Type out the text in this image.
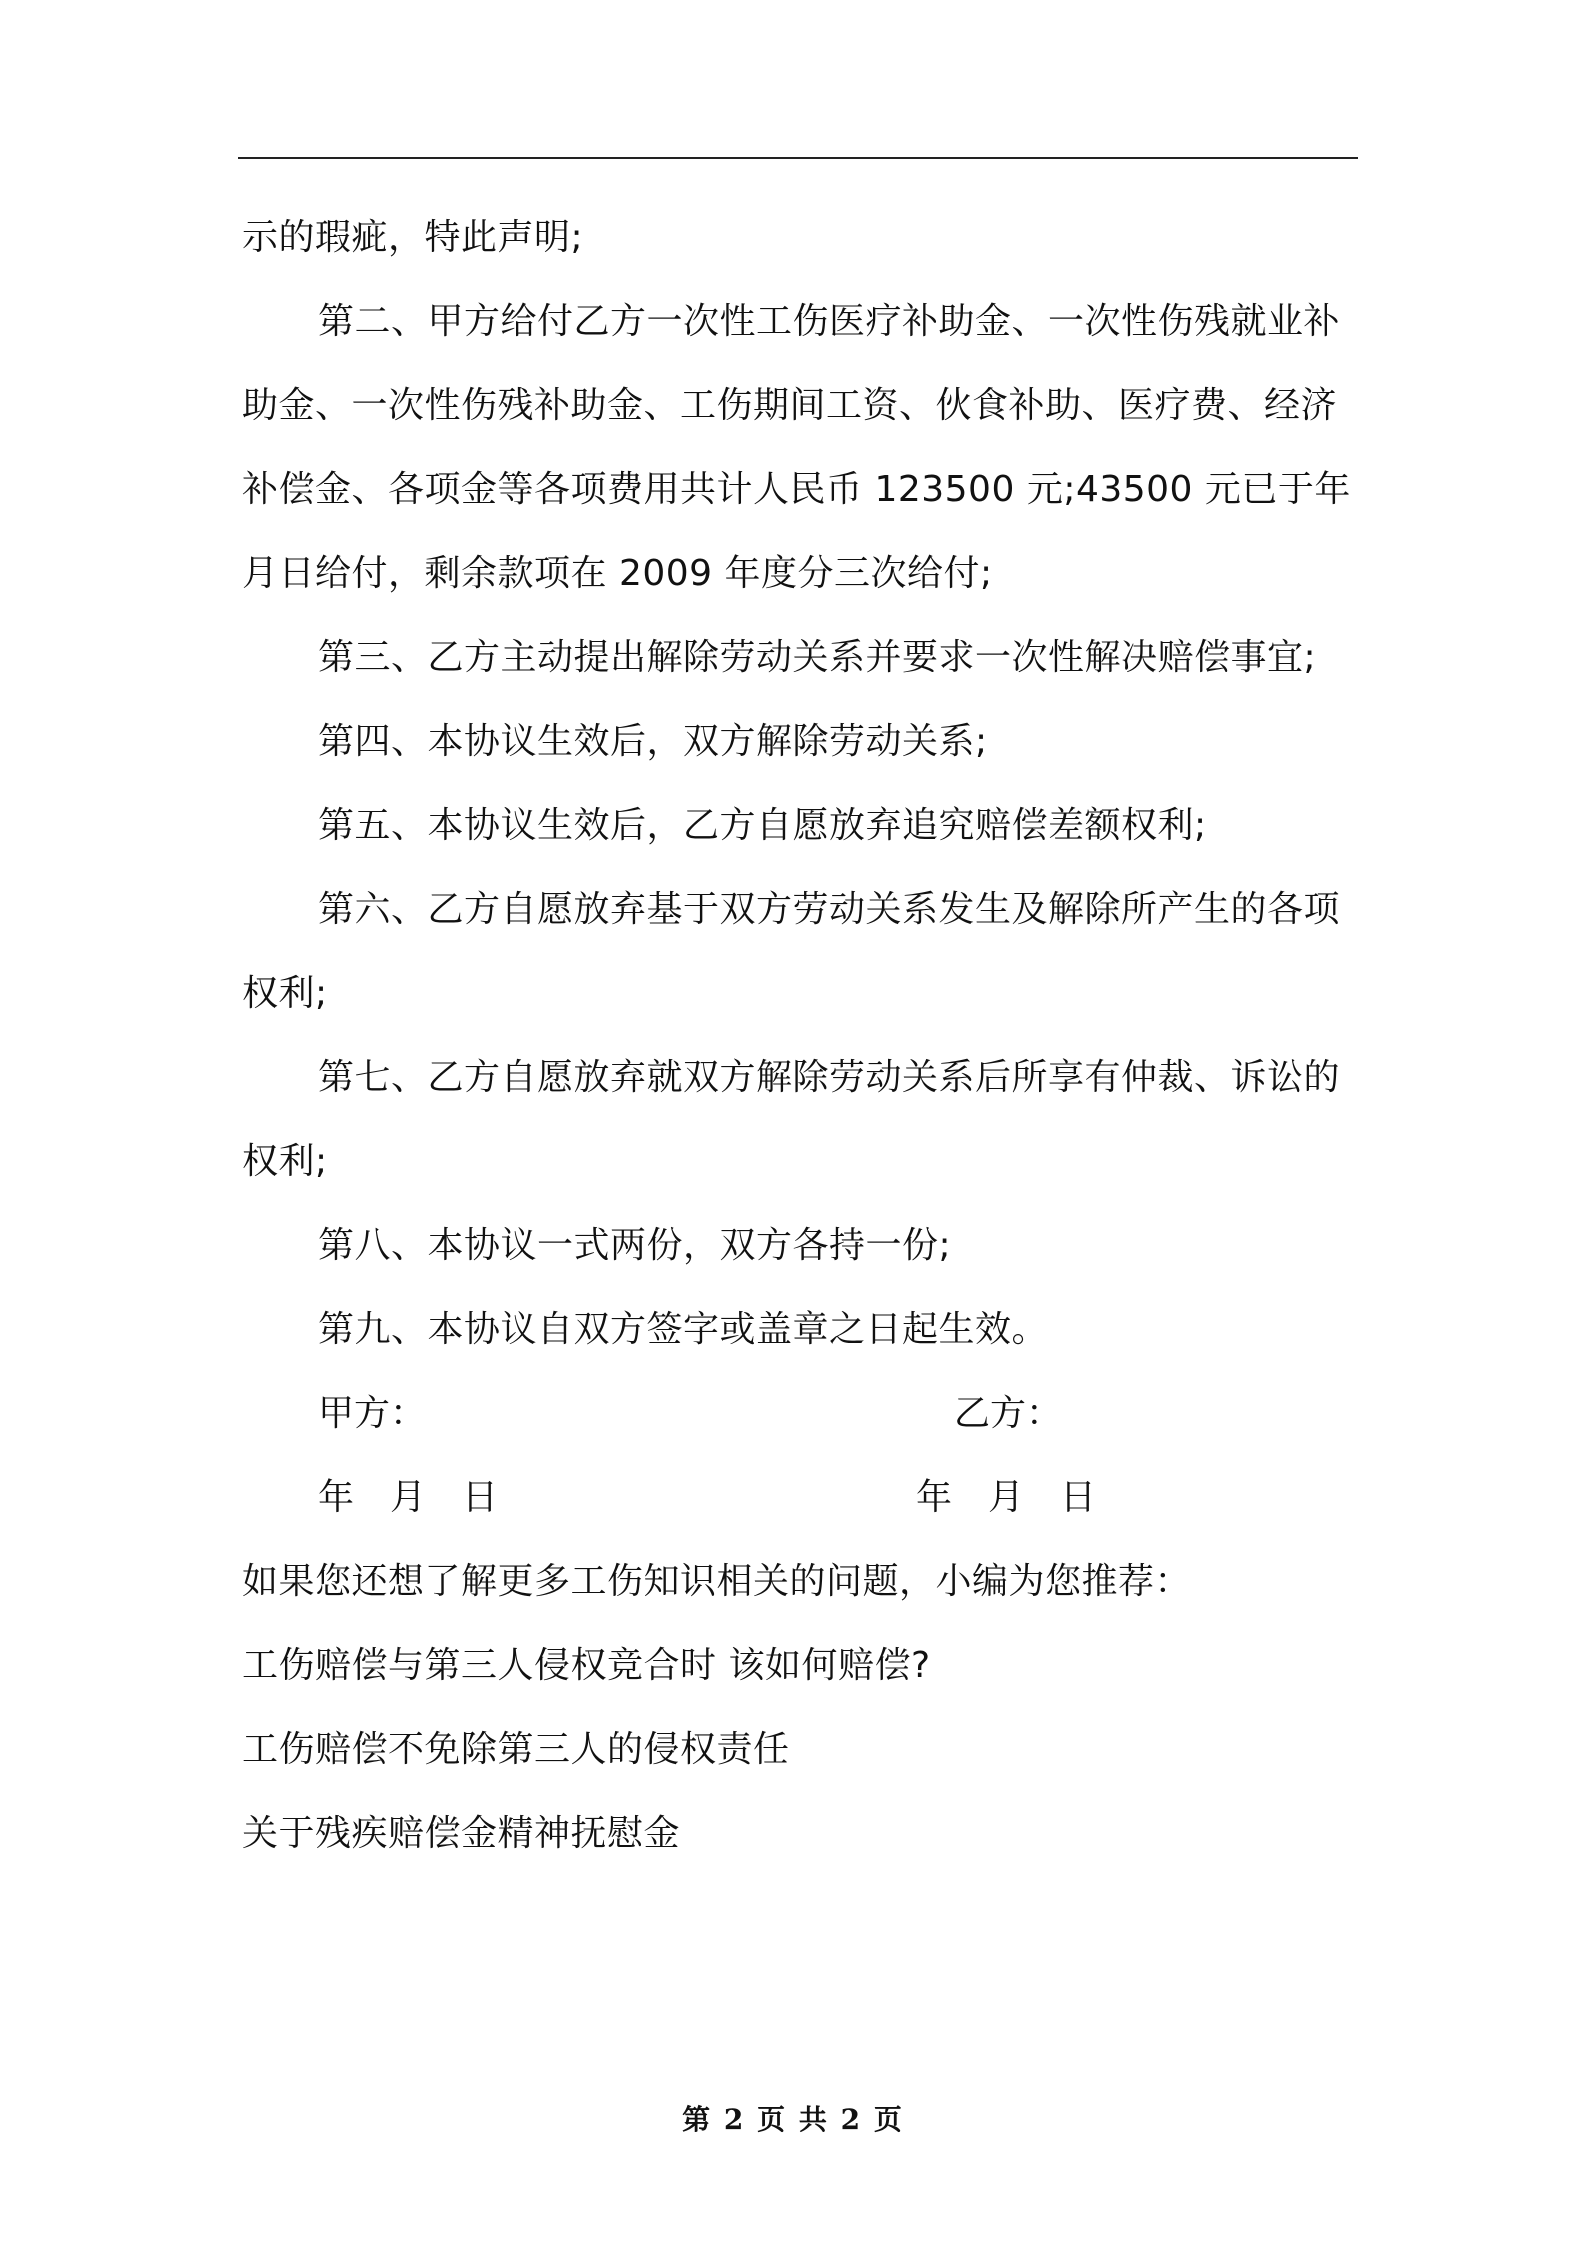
示的瑕疵，特此声明;
第二、甲方给付乙方一次性工伤医疗补助金、一次性伤残就业补
助金、一次性伤残补助金、工伤期间工资、伙食补助、医疗费、经济
补偿金、各项金等各项费用共计人民币 123500 元;43500 元已于年
月日给付，剩余款项在 2009 年度分三次给付;
第三、乙方主动提出解除劳动关系并要求一次性解决赔偿事宜;
第四、本协议生效后，双方解除劳动关系;
第五、本协议生效后，乙方自愿放弃追究赔偿差额权利;
第六、乙方自愿放弃基于双方劳动关系发生及解除所产生的各项
权利;
第七、乙方自愿放弃就双方解除劳动关系后所享有仲裁、诉讼的
权利;
第八、本协议一式两份，双方各持一份;
第九、本协议自双方签字或盖章之日起生效。
甲方：	乙方：
年　月　日	年　月　日
如果您还想了解更多工伤知识相关的问题，小编为您推荐：
工伤赔偿与第三人侵权竞合时 该如何赔偿?
工伤赔偿不免除第三人的侵权责任
关于残疾赔偿金精神抚慰金
第 2 页 共 2 页
